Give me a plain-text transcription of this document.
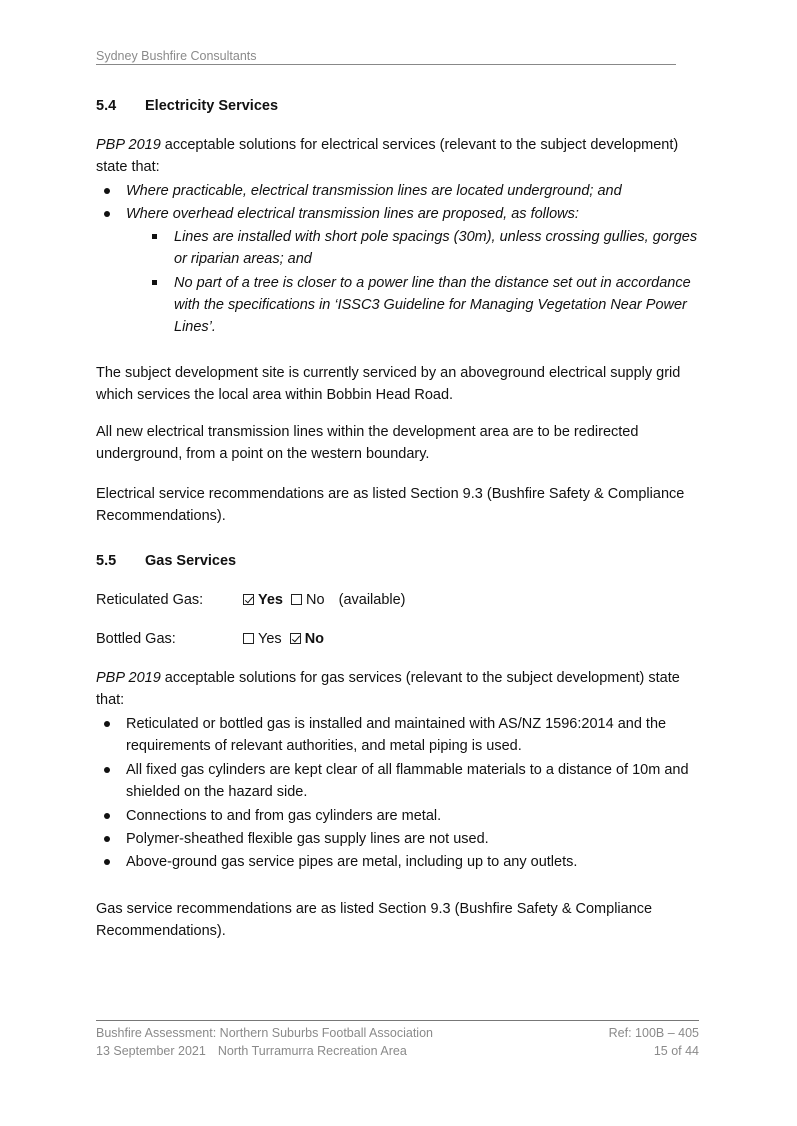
Sydney Bushfire Consultants
5.4 Electricity Services
PBP 2019 acceptable solutions for electrical services (relevant to the subject development)
state that:
Where practicable, electrical transmission lines are located underground; and
Where overhead electrical transmission lines are proposed, as follows:
Lines are installed with short pole spacings (30m), unless crossing gullies, gorges
or riparian areas; and
No part of a tree is closer to a power line than the distance set out in accordance
with the specifications in ‘ISSC3 Guideline for Managing Vegetation Near Power
Lines’.
The subject development site is currently serviced by an aboveground electrical supply grid
which services the local area within Bobbin Head Road.
All new electrical transmission lines within the development area are to be redirected
underground, from a point on the western boundary.
Electrical service recommendations are as listed Section 9.3 (Bushfire Safety & Compliance
Recommendations).
5.5 Gas Services
Reticulated Gas:	Yes No (available)
Bottled Gas:	Yes No
PBP 2019 acceptable solutions for gas services (relevant to the subject development) state
that:
Reticulated or bottled gas is installed and maintained with AS/NZ 1596:2014 and the
requirements of relevant authorities, and metal piping is used.
All fixed gas cylinders are kept clear of all flammable materials to a distance of 10m and
shielded on the hazard side.
Connections to and from gas cylinders are metal.
Polymer-sheathed flexible gas supply lines are not used.
Above-ground gas service pipes are metal, including up to any outlets.
Gas service recommendations are as listed Section 9.3 (Bushfire Safety & Compliance
Recommendations).
Bushfire Assessment: Northern Suburbs Football Association
13 September 2021 North Turramurra Recreation Area
Ref: 100B – 405
15 of 44
